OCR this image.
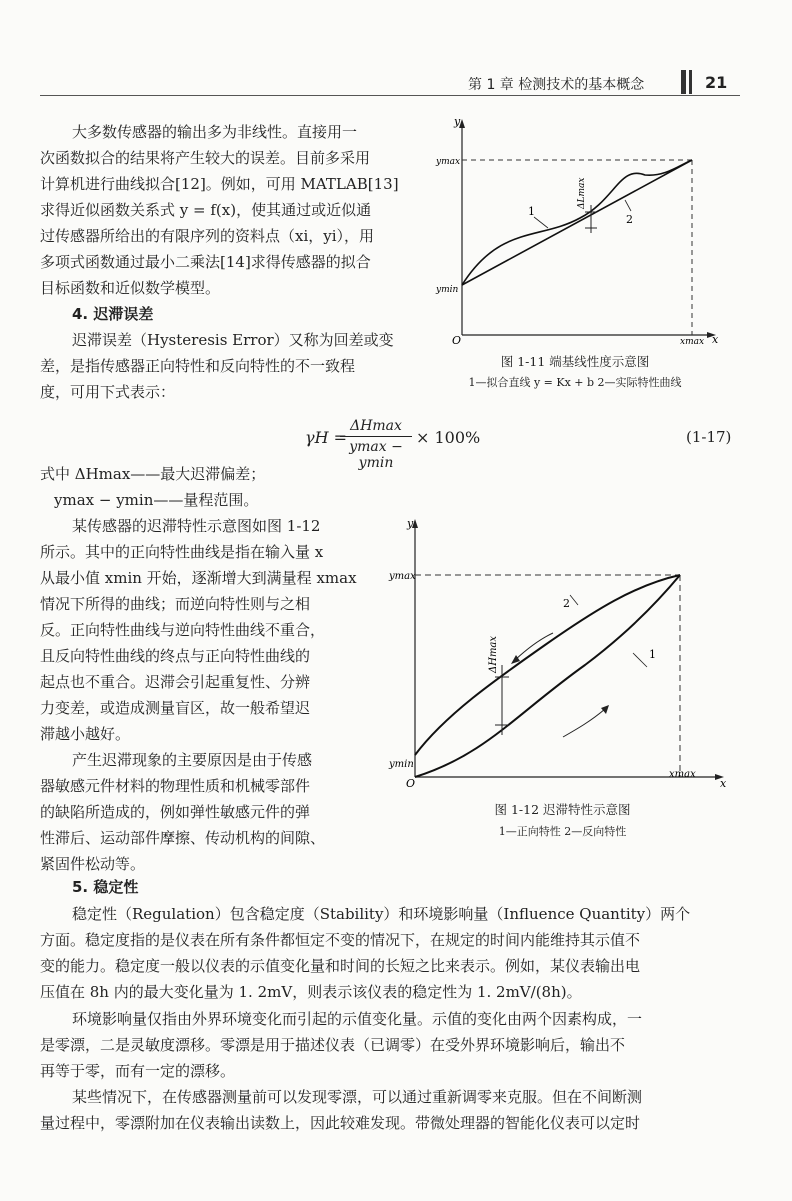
第 1 章 检测技术的基本概念	21
大多数传感器的输出多为非线性。直接用一
次函数拟合的结果将产生较大的误差。目前多采用
计算机进行曲线拟合[12]。例如，可用 MATLAB[13]
求得近似函数关系式 y = f(x)，使其通过或近似通
过传感器所给出的有限序列的资料点（xi，yi），用
多项式函数通过最小二乘法[14]求得传感器的拟合
目标函数和近似数学模型。
4. 迟滞误差
迟滞误差（Hysteresis Error）又称为回差或变
差，是指传感器正向特性和反向特性的不一致程
度，可用下式表示：
γH =
ΔHmax
ymax − ymin
× 100%	(1-17)
式中 ΔHmax——最大迟滞偏差；
ymax − ymin——量程范围。
某传感器的迟滞特性示意图如图 1-12
所示。其中的正向特性曲线是指在输入量 x
从最小值 xmin 开始，逐渐增大到满量程 xmax
情况下所得的曲线；而逆向特性则与之相
反。正向特性曲线与逆向特性曲线不重合，
且反向特性曲线的终点与正向特性曲线的
起点也不重合。迟滞会引起重复性、分辨
力变差，或造成测量盲区，故一般希望迟
滞越小越好。
产生迟滞现象的主要原因是由于传感
器敏感元件材料的物理性质和机械零部件
的缺陷所造成的，例如弹性敏感元件的弹
性滞后、运动部件摩擦、传动机构的间隙、
紧固件松动等。
5. 稳定性
稳定性（Regulation）包含稳定度（Stability）和环境影响量（Influence Quantity）两个
方面。稳定度指的是仪表在所有条件都恒定不变的情况下，在规定的时间内能维持其示值不
变的能力。稳定度一般以仪表的示值变化量和时间的长短之比来表示。例如，某仪表输出电
压值在 8h 内的最大变化量为 1. 2mV，则表示该仪表的稳定性为 1. 2mV/(8h)。
环境影响量仅指由外界环境变化而引起的示值变化量。示值的变化由两个因素构成，一
是零漂，二是灵敏度漂移。零漂是用于描述仪表（已调零）在受外界环境影响后，输出不
再等于零，而有一定的漂移。
某些情况下，在传感器测量前可以发现零漂，可以通过重新调零来克服。但在不间断测
量过程中，零漂附加在仪表输出读数上，因此较难发现。带微处理器的智能化仪表可以定时
y
x
ymax
ymin
xmax
O
ΔLmax
1
2
图 1-11 端基线性度示意图
1—拟合直线 y = Kx + b 2—实际特性曲线
y
x
ymax
ymin
xmax
O
ΔHmax	1
2
图 1-12 迟滞特性示意图
1—正向特性 2—反向特性
